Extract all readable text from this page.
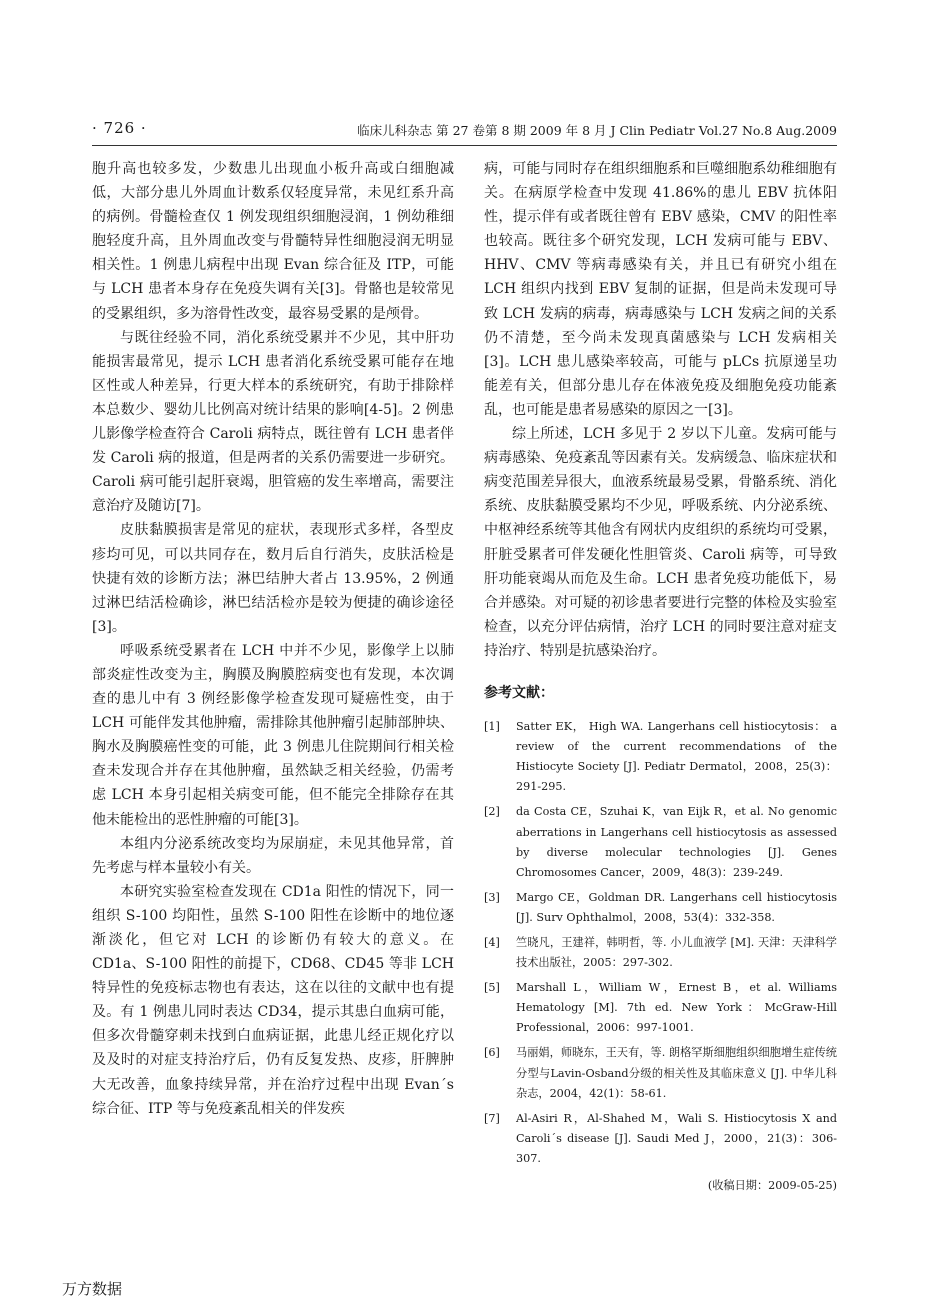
· 726 ·	临床儿科杂志 第 27 卷第 8 期 2009 年 8 月 J Clin Pediatr Vol.27 No.8 Aug.2009

胞升高也较多发，少数患儿出现血小板升高或白细胞减低，大部分患儿外周血计数系仅轻度异常，未见红系升高的病例。骨髓检查仅 1 例发现组织细胞浸润，1 例幼稚细胞轻度升高，且外周血改变与骨髓特异性细胞浸润无明显相关性。1 例患儿病程中出现 Evan 综合征及 ITP，可能与 LCH 患者本身存在免疫失调有关[3]。骨骼也是较常见的受累组织，多为溶骨性改变，最容易受累的是颅骨。

与既往经验不同，消化系统受累并不少见，其中肝功能损害最常见，提示 LCH 患者消化系统受累可能存在地区性或人种差异，行更大样本的系统研究，有助于排除样本总数少、婴幼儿比例高对统计结果的影响[4-5]。2 例患儿影像学检查符合 Caroli 病特点，既往曾有 LCH 患者伴发 Caroli 病的报道，但是两者的关系仍需要进一步研究。Caroli 病可能引起肝衰竭，胆管癌的发生率增高，需要注意治疗及随访[7]。

皮肤黏膜损害是常见的症状，表现形式多样，各型皮疹均可见，可以共同存在，数月后自行消失，皮肤活检是快捷有效的诊断方法；淋巴结肿大者占 13.95%，2 例通过淋巴结活检确诊，淋巴结活检亦是较为便捷的确诊途径[3]。

呼吸系统受累者在 LCH 中并不少见，影像学上以肺部炎症性改变为主，胸膜及胸膜腔病变也有发现，本次调查的患儿中有 3 例经影像学检查发现可疑癌性变，由于 LCH 可能伴发其他肿瘤，需排除其他肿瘤引起肺部肿块、胸水及胸膜癌性变的可能，此 3 例患儿住院期间行相关检查未发现合并存在其他肿瘤，虽然缺乏相关经验，仍需考虑 LCH 本身引起相关病变可能，但不能完全排除存在其他未能检出的恶性肿瘤的可能[3]。

本组内分泌系统改变均为尿崩症，未见其他异常，首先考虑与样本量较小有关。

本研究实验室检查发现在 CD1a 阳性的情况下，同一组织 S-100 均阳性，虽然 S-100 阳性在诊断中的地位逐渐淡化，但它对 LCH 的诊断仍有较大的意义。在 CD1a、S-100 阳性的前提下，CD68、CD45 等非 LCH 特异性的免疫标志物也有表达，这在以往的文献中也有提及。有 1 例患儿同时表达 CD34，提示其患白血病可能，但多次骨髓穿刺未找到白血病证据，此患儿经正规化疗以及及时的对症支持治疗后，仍有反复发热、皮疹，肝脾肿大无改善，血象持续异常，并在治疗过程中出现 Evan´s 综合征、ITP 等与免疫紊乱相关的伴发疾

病，可能与同时存在组织细胞系和巨噬细胞系幼稚细胞有关。在病原学检查中发现 41.86%的患儿 EBV 抗体阳性，提示伴有或者既往曾有 EBV 感染，CMV 的阳性率也较高。既往多个研究发现，LCH 发病可能与 EBV、HHV、CMV 等病毒感染有关，并且已有研究小组在 LCH 组织内找到 EBV 复制的证据，但是尚未发现可导致 LCH 发病的病毒，病毒感染与 LCH 发病之间的关系仍不清楚，至今尚未发现真菌感染与 LCH 发病相关[3]。LCH 患儿感染率较高，可能与 pLCs 抗原递呈功能差有关，但部分患儿存在体液免疫及细胞免疫功能紊乱，也可能是患者易感染的原因之一[3]。

综上所述，LCH 多见于 2 岁以下儿童。发病可能与病毒感染、免疫紊乱等因素有关。发病缓急、临床症状和病变范围差异很大，血液系统最易受累，骨骼系统、消化系统、皮肤黏膜受累均不少见，呼吸系统、内分泌系统、中枢神经系统等其他含有网状内皮组织的系统均可受累，肝脏受累者可伴发硬化性胆管炎、Caroli 病等，可导致肝功能衰竭从而危及生命。LCH 患者免疫功能低下，易合并感染。对可疑的初诊患者要进行完整的体检及实验室检查，以充分评估病情，治疗 LCH 的同时要注意对症支持治疗、特别是抗感染治疗。

参考文献：
[1]	Satter EK， High WA. Langerhans cell histiocytosis： a review of the current recommendations of the Histiocyte Society [J]. Pediatr Dermatol，2008，25(3)：291-295.
[2]	da Costa CE，Szuhai K，van Eijk R，et al. No genomic aberrations in Langerhans cell histiocytosis as assessed by diverse molecular technologies [J]. Genes Chromosomes Cancer，2009，48(3)：239-249.
[3]	Margo CE，Goldman DR. Langerhans cell histiocytosis [J]. Surv Ophthalmol，2008，53(4)：332-358.
[4]	竺晓凡，王建祥，韩明哲，等. 小儿血液学 [M]. 天津：天津科学技术出版社，2005：297-302.
[5]	Marshall L，William W，Ernest B，et al. Williams Hematology [M]. 7th ed. New York：McGraw-Hill Professional，2006：997-1001.
[6]	马丽娟，师晓东，王天有，等. 朗格罕斯细胞组织细胞增生症传统分型与Lavin-Osband分级的相关性及其临床意义 [J]. 中华儿科杂志，2004，42(1)：58-61.
[7]	Al-Asiri R，Al-Shahed M，Wali S. Histiocytosis X and Caroli´s disease [J]. Saudi Med J，2000，21(3)：306-307.
(收稿日期：2009-05-25)
万方数据
